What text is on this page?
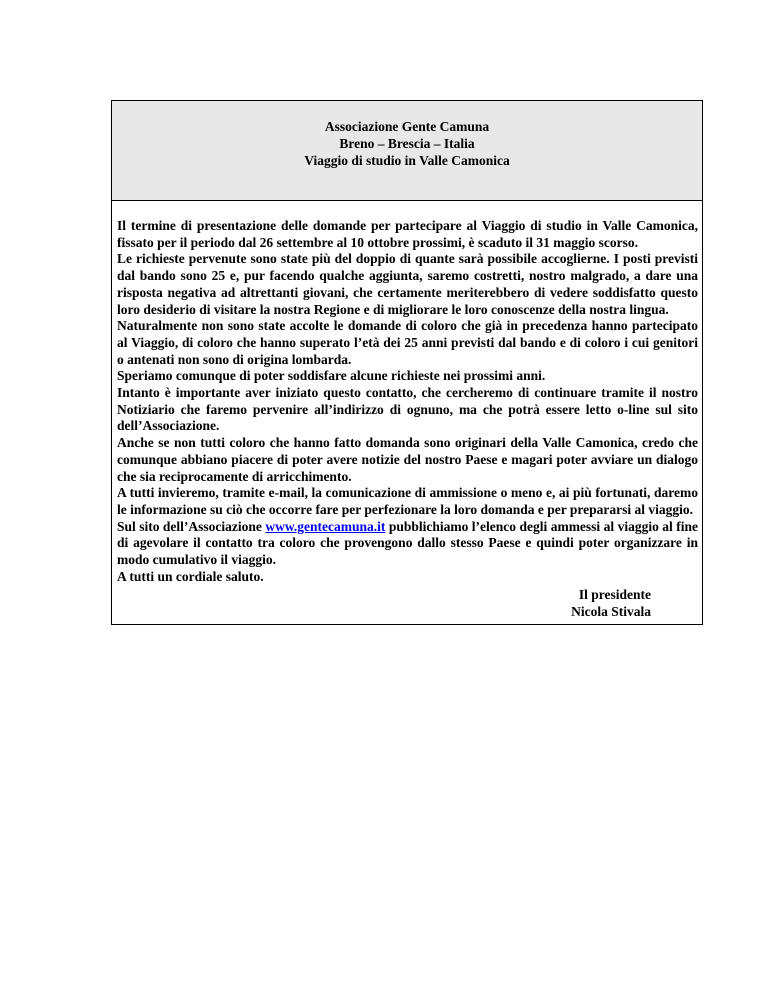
Associazione Gente Camuna
Breno – Brescia – Italia
Viaggio di studio in Valle Camonica

Il termine di presentazione delle domande per partecipare al Viaggio di studio in Valle Camonica, fissato per il periodo dal 26 settembre al 10 ottobre prossimi, è scaduto il 31 maggio scorso.

Le richieste pervenute sono state più del doppio di quante sarà possibile accoglierne. I posti previsti dal bando sono 25 e, pur facendo qualche aggiunta, saremo costretti, nostro malgrado, a dare una risposta negativa ad altrettanti giovani, che certamente meriterebbero di vedere soddisfatto questo loro desiderio di visitare la nostra Regione e di migliorare le loro conoscenze della nostra lingua.

Naturalmente non sono state accolte le domande di coloro che già in precedenza hanno partecipato al Viaggio, di coloro che hanno superato l’età dei 25 anni previsti dal bando e di coloro i cui genitori o antenati non sono di origina lombarda.

Speriamo comunque di poter soddisfare alcune richieste nei prossimi anni.

Intanto è importante aver iniziato questo contatto, che cercheremo di continuare tramite il nostro Notiziario che faremo pervenire all’indirizzo di ognuno, ma che potrà essere letto o-line sul sito dell’Associazione.

Anche se non tutti coloro che hanno fatto domanda sono originari della Valle Camonica, credo che comunque abbiano piacere di poter avere notizie del nostro Paese e magari poter avviare un dialogo che sia reciprocamente di arricchimento.

A tutti invieremo, tramite e-mail, la comunicazione di ammissione o meno e, ai più fortunati, daremo le informazione su ciò che occorre fare per perfezionare la loro domanda e per prepararsi al viaggio.

Sul sito dell’Associazione www.gentecamuna.it pubblichiamo l’elenco degli ammessi al viaggio al fine di agevolare il contatto tra coloro che provengono dallo stesso Paese e quindi poter organizzare in modo cumulativo il viaggio.

A tutti un cordiale saluto.

Il presidente
Nicola Stivala
